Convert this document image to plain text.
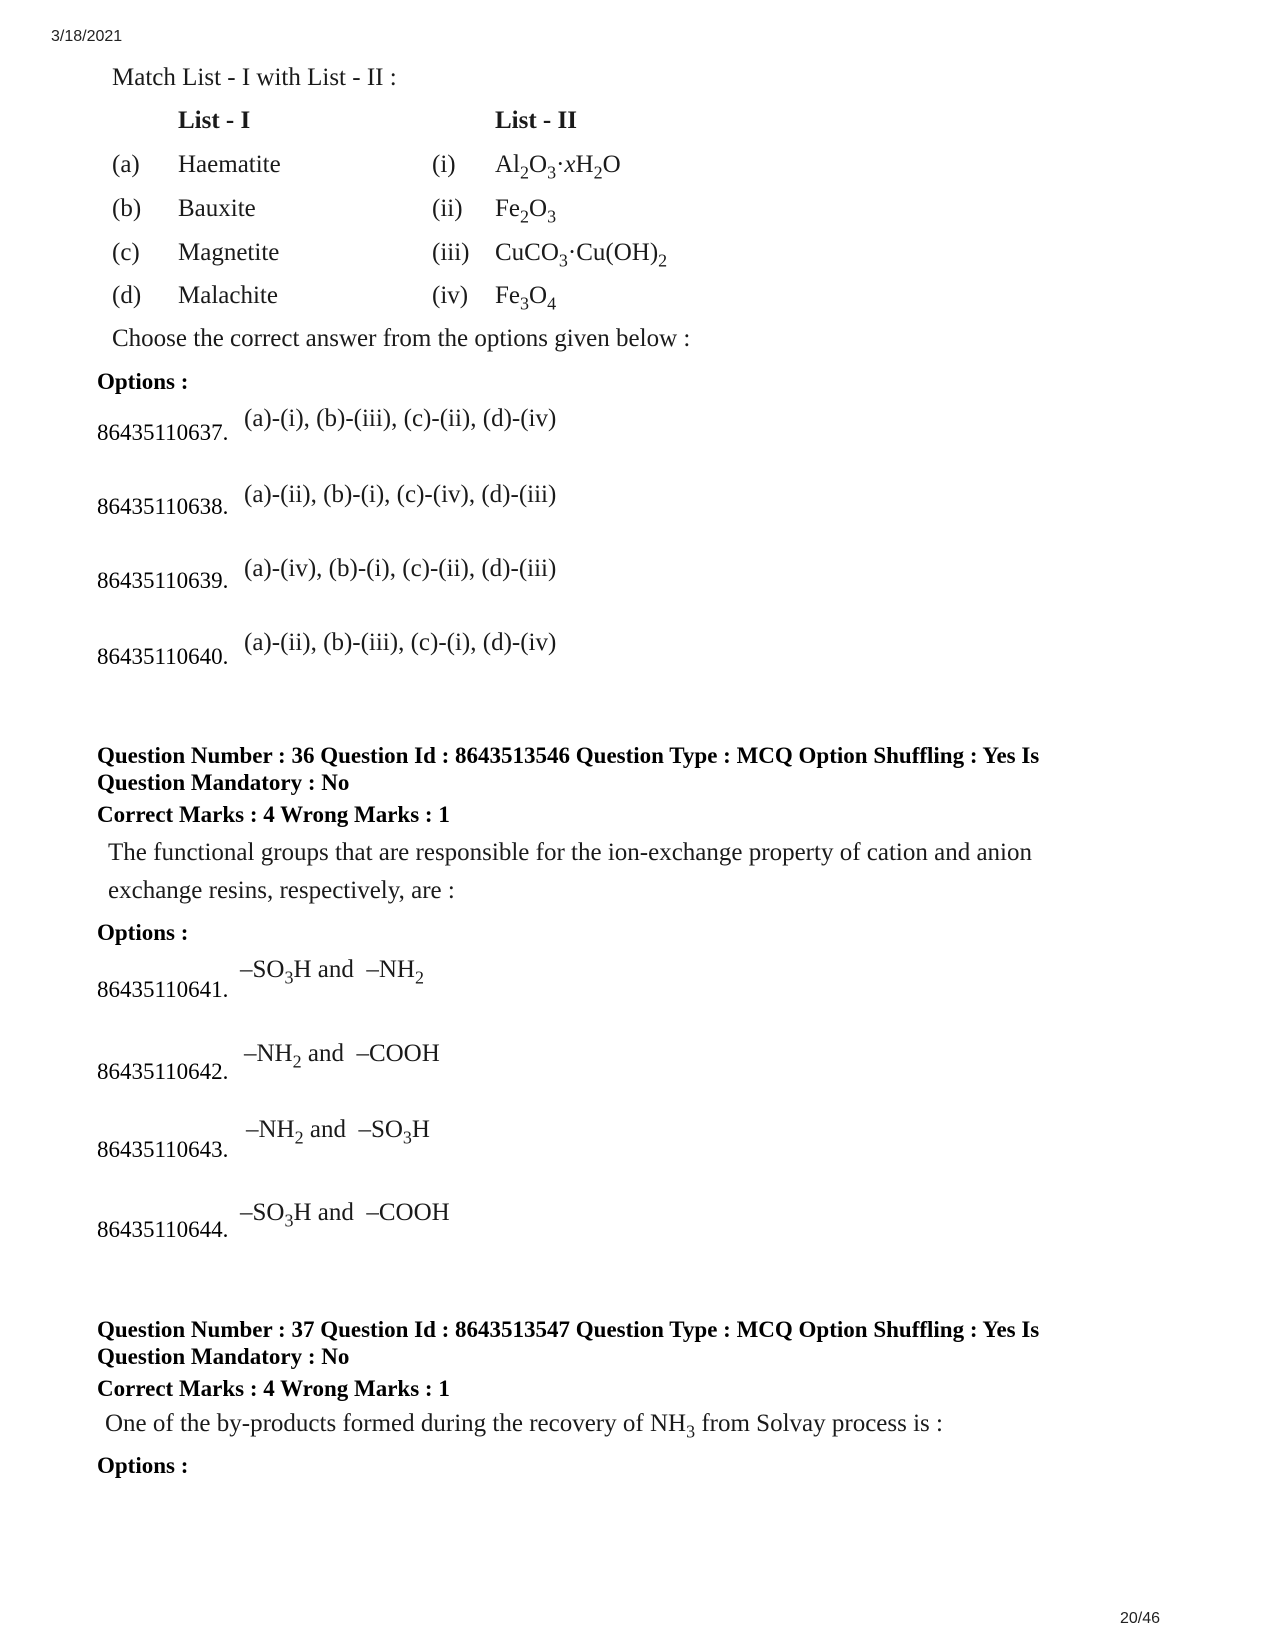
3/18/2021
20/46
Match List - I with List - II :
List - I	List - II
(a) Haematite	(i) $Al_2O_3\cdot xH_2O$
(b) Bauxite	(ii) $Fe_2O_3$
(c) Magnetite	(iii) $CuCO_3\cdot Cu(OH)_2$
(d) Malachite	(iv) $Fe_3O_4$
Choose the correct answer from the options given below :
Options :
86435110637.
(a)-(i), (b)-(iii), (c)-(ii), (d)-(iv)
86435110638. (a)-(ii), (b)-(i), (c)-(iv), (d)-(iii)
86435110639. (a)-(iv), (b)-(i), (c)-(ii), (d)-(iii)
86435110640.
(a)-(ii), (b)-(iii), (c)-(i), (d)-(iv)
Question Number : 36 Question Id : 8643513546 Question Type : MCQ Option Shuffling : Yes Is
Question Mandatory : No
Correct Marks : 4 Wrong Marks : 1
The functional groups that are responsible for the ion-exchange property of cation and anion
exchange resins, respectively, are :
Options :
86435110641.
$-SO_3H$ and  $-NH_2$
86435110642.
$-NH_2$ and  –COOH
86435110643.
$-NH_2$ and  $-SO_3H$
86435110644.
$-SO_3H$ and  –COOH
Question Number : 37 Question Id : 8643513547 Question Type : MCQ Option Shuffling : Yes Is
Question Mandatory : No
Correct Marks : 4 Wrong Marks : 1
One of the by-products formed during the recovery of $NH_3$ from Solvay process is :
Options :
